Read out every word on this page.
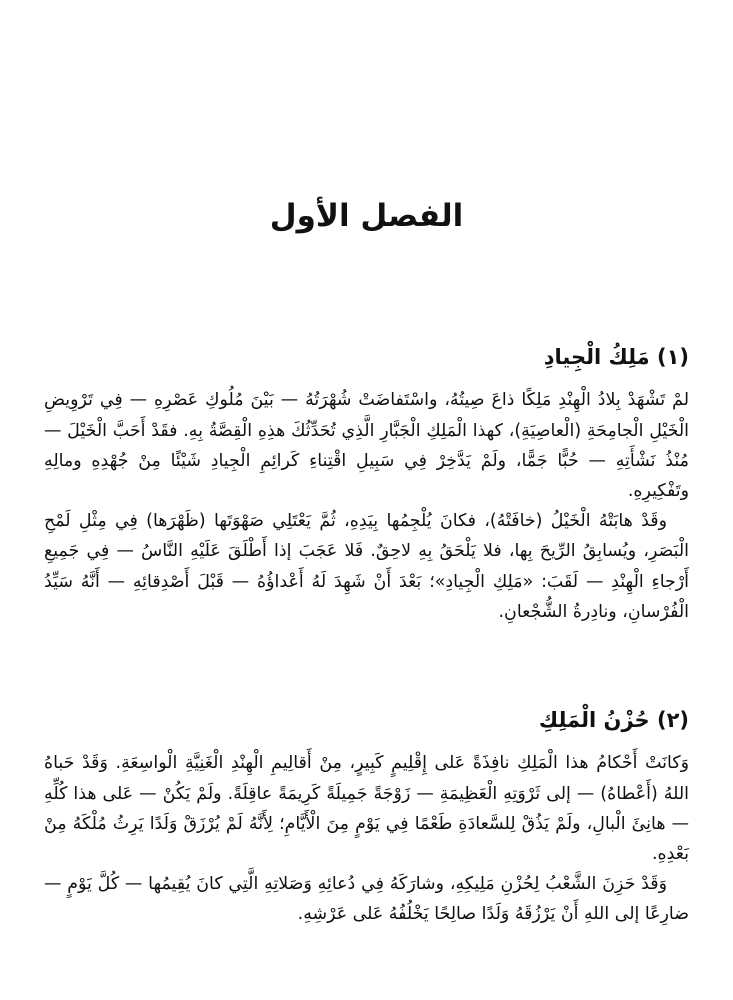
الفصل الأول
(١) مَلِكُ الْجِيادِ

لمْ تَشْهَدْ بِلادُ الْهِنْدِ مَلِكًا ذاعَ صِيتُهُ، واسْتَفاضَتْ شُهْرَتُهُ — بَيْنَ مُلُوكِ عَصْرِهِ — فِي تَرْوِيضِ الْخَيْلِ الْجامِحَةِ (الْعاصِيَةِ)، كهذا الْمَلِكِ الْجَبَّارِ الَّذِي تُحَدِّثُكَ هذِهِ الْقِصَّةُ بِهِ. فقَدْ أَحَبَّ الْخَيْلَ — مُنْذُ نَشْأَتِهِ — حُبًّا جَمًّا، ولَمْ يَدَّخِرْ فِي سَبِيلِ اقْتِناءِ كَرائِمِ الْجِيادِ شَيْئًا مِنْ جُهْدِهِ ومالِهِ وتَفْكِيرِهِ.

وقَدْ هابَتْهُ الْخَيْلُ (خافَتْهُ)، فكانَ يُلْجِمُها بِيَدِهِ، ثُمَّ يَعْتَلِي صَهْوَتَها (ظَهْرَها) فِي مِثْلِ لَمْحِ الْبَصَرِ، ويُسابِقُ الرِّيحَ بِها، فلا يَلْحَقُ بِهِ لاحِقٌ. فَلا عَجَبَ إذا أَطْلَقَ عَلَيْهِ النَّاسُ — فِي جَمِيعِ أَرْجاءِ الْهِنْدِ — لَقَبَ: «مَلِكِ الْجِيادِ»؛ بَعْدَ أَنْ شَهِدَ لَهُ أَعْداؤُهُ — قَبْلَ أَصْدِقائِهِ — أَنَّهُ سَيِّدُ الْفُرْسانِ، ونادِرةُ الشُّجْعانِ.

(٢) حُزْنُ الْمَلِكِ

وَكانَتْ أَحْكامُ هذا الْمَلِكِ نافِذَةً عَلى إِقْلِيمٍ كَبِيرٍ، مِنْ أَقالِيمِ الْهِنْدِ الْغَنِيَّةِ الْواسِعَةِ. وَقَدْ حَباهُ اللهُ (أَعْطاهُ) — إلى ثَرْوَتِهِ الْعَظِيمَةِ — زَوْجَةً جَمِيلَةً كَرِيمَةً عاقِلَةً. ولَمْ يَكُنْ — عَلى هذا كُلِّهِ — هانِئَ الْبالِ، ولَمْ يَذُقْ لِلسَّعادَةِ طَعْمًا فِي يَوْمٍ مِنَ الْأَيَّامِ؛ لِأَنَّهُ لَمْ يُرْزَقْ وَلَدًا يَرِثُ مُلْكَهُ مِنْ بَعْدِهِ.

وَقَدْ حَزِنَ الشَّعْبُ لِحُزْنِ مَلِيكِهِ، وشارَكَهُ فِي دُعائِهِ وَصَلاتِهِ الَّتِي كانَ يُقِيمُها — كُلَّ يَوْمٍ — ضارِعًا إلى اللهِ أَنْ يَرْزُقَهُ وَلَدًا صالِحًا يَخْلُفُهُ عَلى عَرْشِهِ.
